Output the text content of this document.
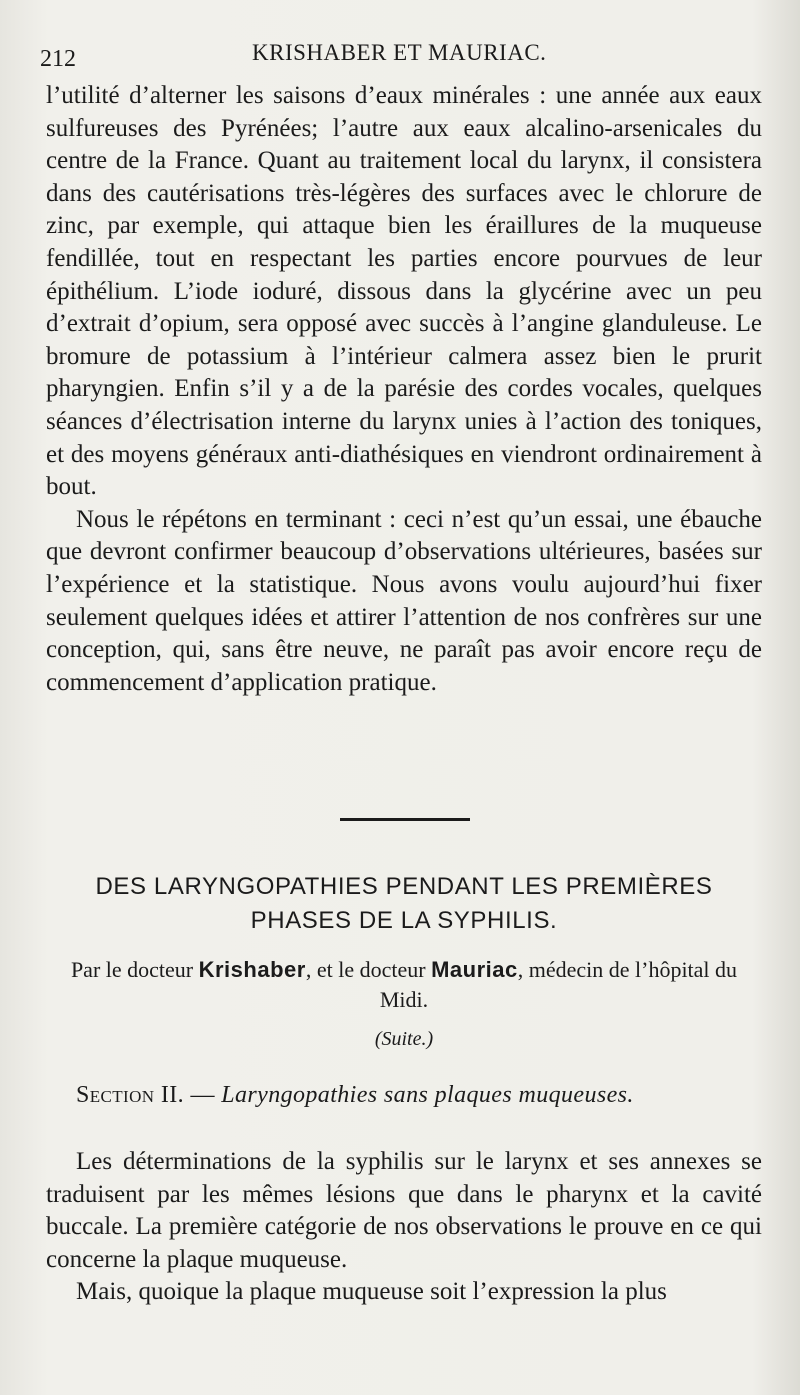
212	KRISHABER ET MAURIAC.

l’utilité d’alterner les saisons d’eaux minérales : une année aux eaux sulfureuses des Pyrénées; l’autre aux eaux alcalino-arsenicales du centre de la France. Quant au traitement local du larynx, il consistera dans des cautérisations très-légères des surfaces avec le chlorure de zinc, par exemple, qui attaque bien les éraillures de la muqueuse fendillée, tout en respectant les parties encore pourvues de leur épithélium. L’iode ioduré, dissous dans la glycérine avec un peu d’extrait d’opium, sera opposé avec succès à l’angine glanduleuse. Le bromure de potassium à l’intérieur calmera assez bien le prurit pharyngien. Enfin s’il y a de la parésie des cordes vocales, quelques séances d’électrisation interne du larynx unies à l’action des toniques, et des moyens généraux anti-diathésiques en viendront ordinairement à bout.

Nous le répétons en terminant : ceci n’est qu’un essai, une ébauche que devront confirmer beaucoup d’observations ultérieures, basées sur l’expérience et la statistique. Nous avons voulu aujourd’hui fixer seulement quelques idées et attirer l’attention de nos confrères sur une conception, qui, sans être neuve, ne paraît pas avoir encore reçu de commencement d’application pratique.

DES LARYNGOPATHIES PENDANT LES PREMIÈRES
PHASES DE LA SYPHILIS.
Par le docteur Krishaber, et le docteur Mauriac, médecin de l’hôpital du Midi.
(Suite.)
Section II. — Laryngopathies sans plaques muqueuses.

Les déterminations de la syphilis sur le larynx et ses annexes se traduisent par les mêmes lésions que dans le pharynx et la cavité buccale. La première catégorie de nos observations le prouve en ce qui concerne la plaque muqueuse.

Mais, quoique la plaque muqueuse soit l’expression la plus
